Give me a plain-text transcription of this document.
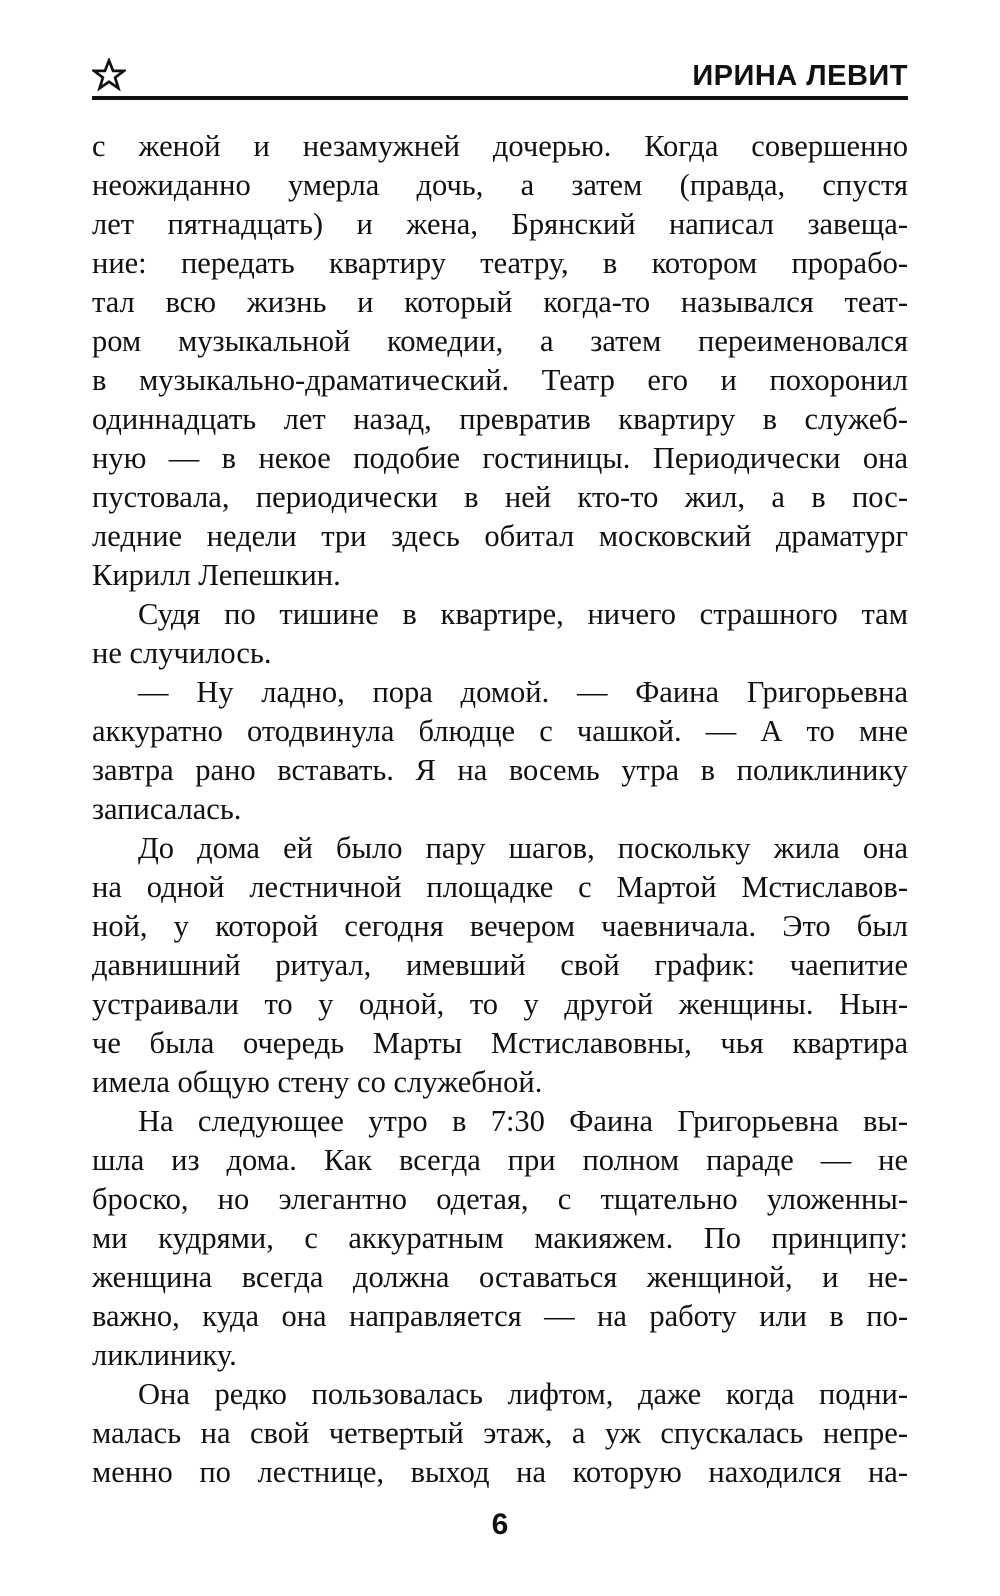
ИРИНА ЛЕВИТ
с женой и незамужней дочерью. Когда совершенно
неожиданно умерла дочь, а затем (правда, спустя
лет пятнадцать) и жена, Брянский написал завеща-
ние: передать квартиру театру, в котором прорабо-
тал всю жизнь и который когда-то назывался теат-
ром музыкальной комедии, а затем переименовался
в музыкально-драматический. Театр его и похоронил
одиннадцать лет назад, превратив квартиру в служеб-
ную — в некое подобие гостиницы. Периодически она
пустовала, периодически в ней кто-то жил, а в пос-
ледние недели три здесь обитал московский драматург
Кирилл Лепешкин.
Судя по тишине в квартире, ничего страшного там
не случилось.
— Ну ладно, пора домой. — Фаина Григорьевна
аккуратно отодвинула блюдце с чашкой. — А то мне
завтра рано вставать. Я на восемь утра в поликлинику
записалась.
До дома ей было пару шагов, поскольку жила она
на одной лестничной площадке с Мартой Мстиславов-
ной, у которой сегодня вечером чаевничала. Это был
давнишний ритуал, имевший свой график: чаепитие
устраивали то у одной, то у другой женщины. Нын-
че была очередь Марты Мстиславовны, чья квартира
имела общую стену со служебной.
На следующее утро в 7:30 Фаина Григорьевна вы-
шла из дома. Как всегда при полном параде — не
броско, но элегантно одетая, с тщательно уложенны-
ми кудрями, с аккуратным макияжем. По принципу:
женщина всегда должна оставаться женщиной, и не-
важно, куда она направляется — на работу или в по-
ликлинику.
Она редко пользовалась лифтом, даже когда подни-
малась на свой четвертый этаж, а уж спускалась непре-
менно по лестнице, выход на которую находился на-
6
